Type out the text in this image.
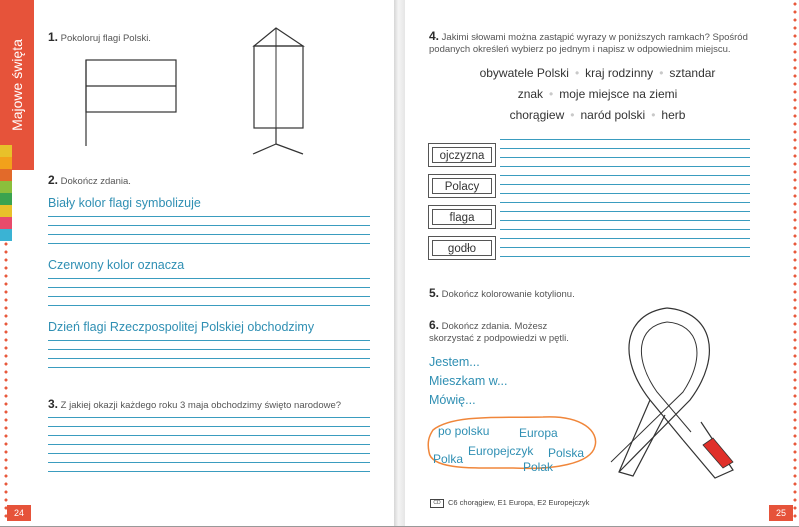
Majowe święta
1. Pokoloruj flagi Polski.
2. Dokończ zdania.
Biały kolor flagi symbolizuje
Czerwony kolor oznacza
Dzień flagi Rzeczpospolitej Polskiej obchodzimy
3. Z jakiej okazji każdego roku 3 maja obchodzimy święto narodowe?
24
4. Jakimi słowami można zastąpić wyrazy w poniższych ramkach? Spośród podanych określeń wybierz po jednym i napisz w odpowiednim miejscu.
obywatele Polski • kraj rodzinny • sztandar
znak • moje miejsce na ziemi
chorągiew • naród polski • herb
ojczyzna
Polacy
flaga
godło
5. Dokończ kolorowanie kotylionu.
6. Dokończ zdania. Możesz
skorzystać z podpowiedzi w pętli.
Jestem...
Mieszkam w...
Mówię...
po polsku Europa
Europejczyk Polska
Polka
Polak
CD C6 chorągiew, E1 Europa, E2 Europejczyk
25
